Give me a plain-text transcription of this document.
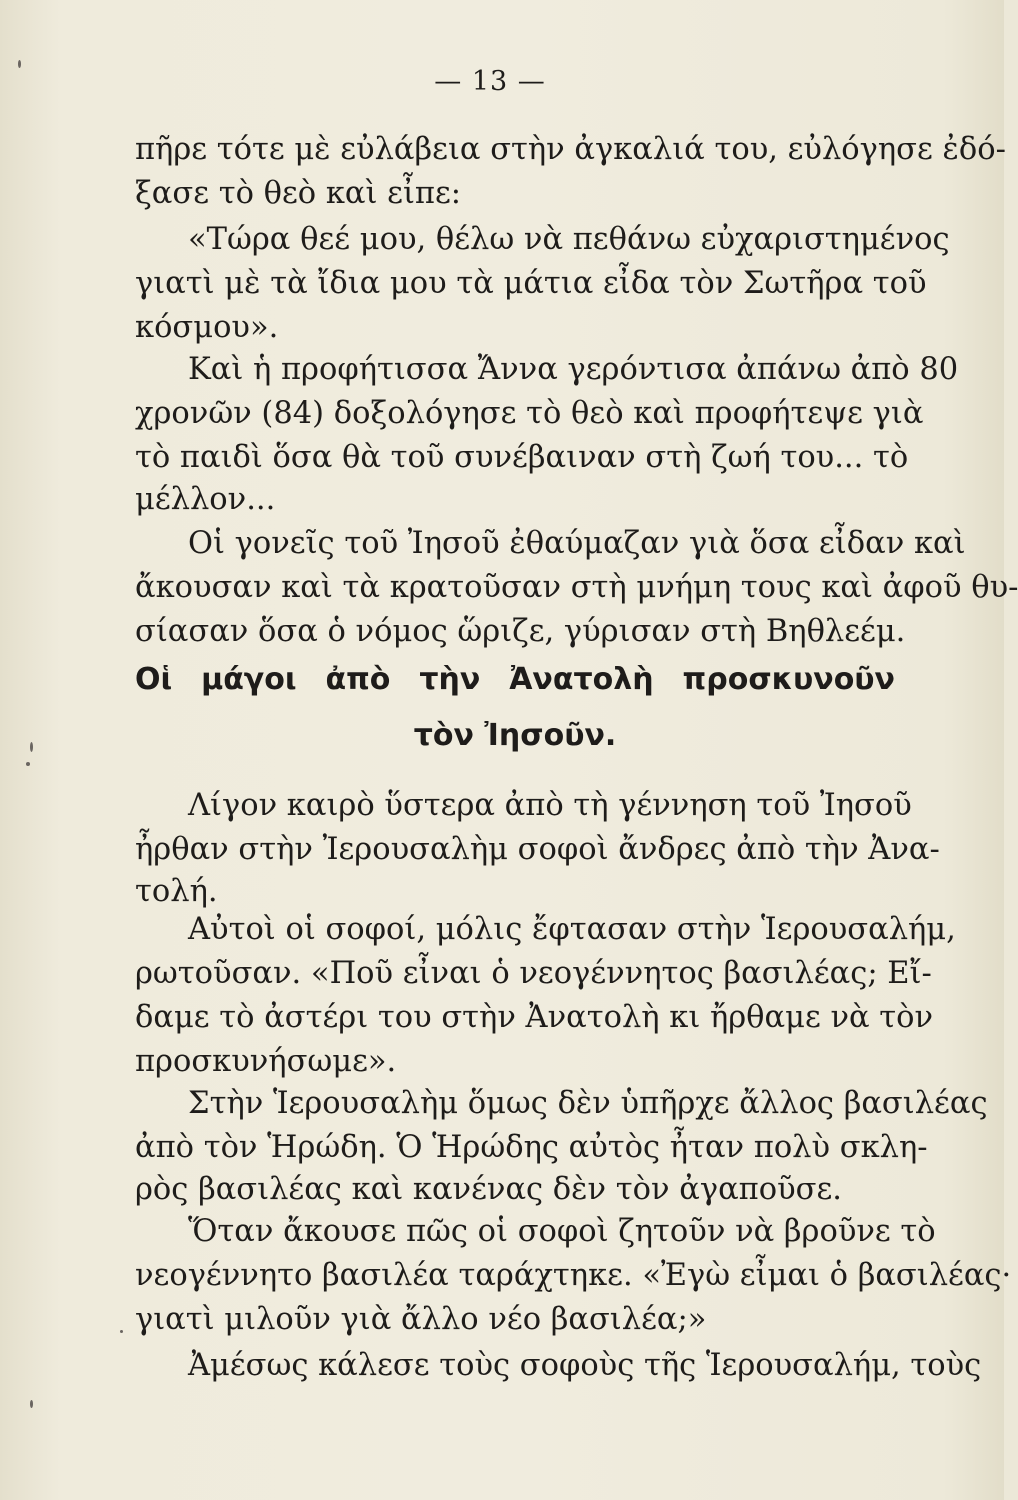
— 13 —
πῆρε τότε μὲ εὐλάβεια στὴν ἀγκαλιά του, εὐλόγησε ἐδό-
ξασε τὸ θεὸ καὶ εἶπε:
«Τώρα θεέ μου, θέλω νὰ πεθάνω εὐχαριστημένος
γιατὶ μὲ τὰ ἴδια μου τὰ μάτια εἶδα τὸν Σωτῆρα τοῦ
κόσμου».
Καὶ ἡ προφήτισσα Ἄννα γερόντισα ἀπάνω ἀπὸ 80
χρονῶν (84) δοξολόγησε τὸ θεὸ καὶ προφήτεψε γιὰ
τὸ παιδὶ ὅσα θὰ τοῦ συνέβαιναν στὴ ζωή του... τὸ
μέλλον...
Οἱ γονεῖς τοῦ Ἰησοῦ ἐθαύμαζαν γιὰ ὅσα εἶδαν καὶ
ἄκουσαν καὶ τὰ κρατοῦσαν στὴ μνήμη τους καὶ ἀφοῦ θυ-
σίασαν ὅσα ὁ νόμος ὥριζε, γύρισαν στὴ Βηθλεέμ.
Οἱ μάγοι ἀπὸ τὴν Ἀνατολὴ προσκυνοῦν
τὸν Ἰησοῦν.
Λίγον καιρὸ ὕστερα ἀπὸ τὴ γέννηση τοῦ Ἰησοῦ
ἦρθαν στὴν Ἰερουσαλὴμ σοφοὶ ἄνδρες ἀπὸ τὴν Ἀνα-
τολή.
Αὐτοὶ οἱ σοφοί, μόλις ἔφτασαν στὴν Ἱερουσαλήμ,
ρωτοῦσαν. «Ποῦ εἶναι ὁ νεογέννητος βασιλέας; Εἴ-
δαμε τὸ ἀστέρι του στὴν Ἀνατολὴ κι ἤρθαμε νὰ τὸν
προσκυνήσωμε».
Στὴν Ἱερουσαλὴμ ὅμως δὲν ὑπῆρχε ἄλλος βασιλέας
ἀπὸ τὸν Ἡρώδη. Ὁ Ἡρώδης αὐτὸς ἦταν πολὺ σκλη-
ρὸς βασιλέας καὶ κανένας δὲν τὸν ἀγαποῦσε.
Ὅταν ἄκουσε πῶς οἱ σοφοὶ ζητοῦν νὰ βροῦνε τὸ
νεογέννητο βασιλέα ταράχτηκε. «Ἐγὼ εἶμαι ὁ βασιλέας·
γιατὶ μιλοῦν γιὰ ἄλλο νέο βασιλέα;»
Ἀμέσως κάλεσε τοὺς σοφοὺς τῆς Ἱερουσαλήμ, τοὺς
